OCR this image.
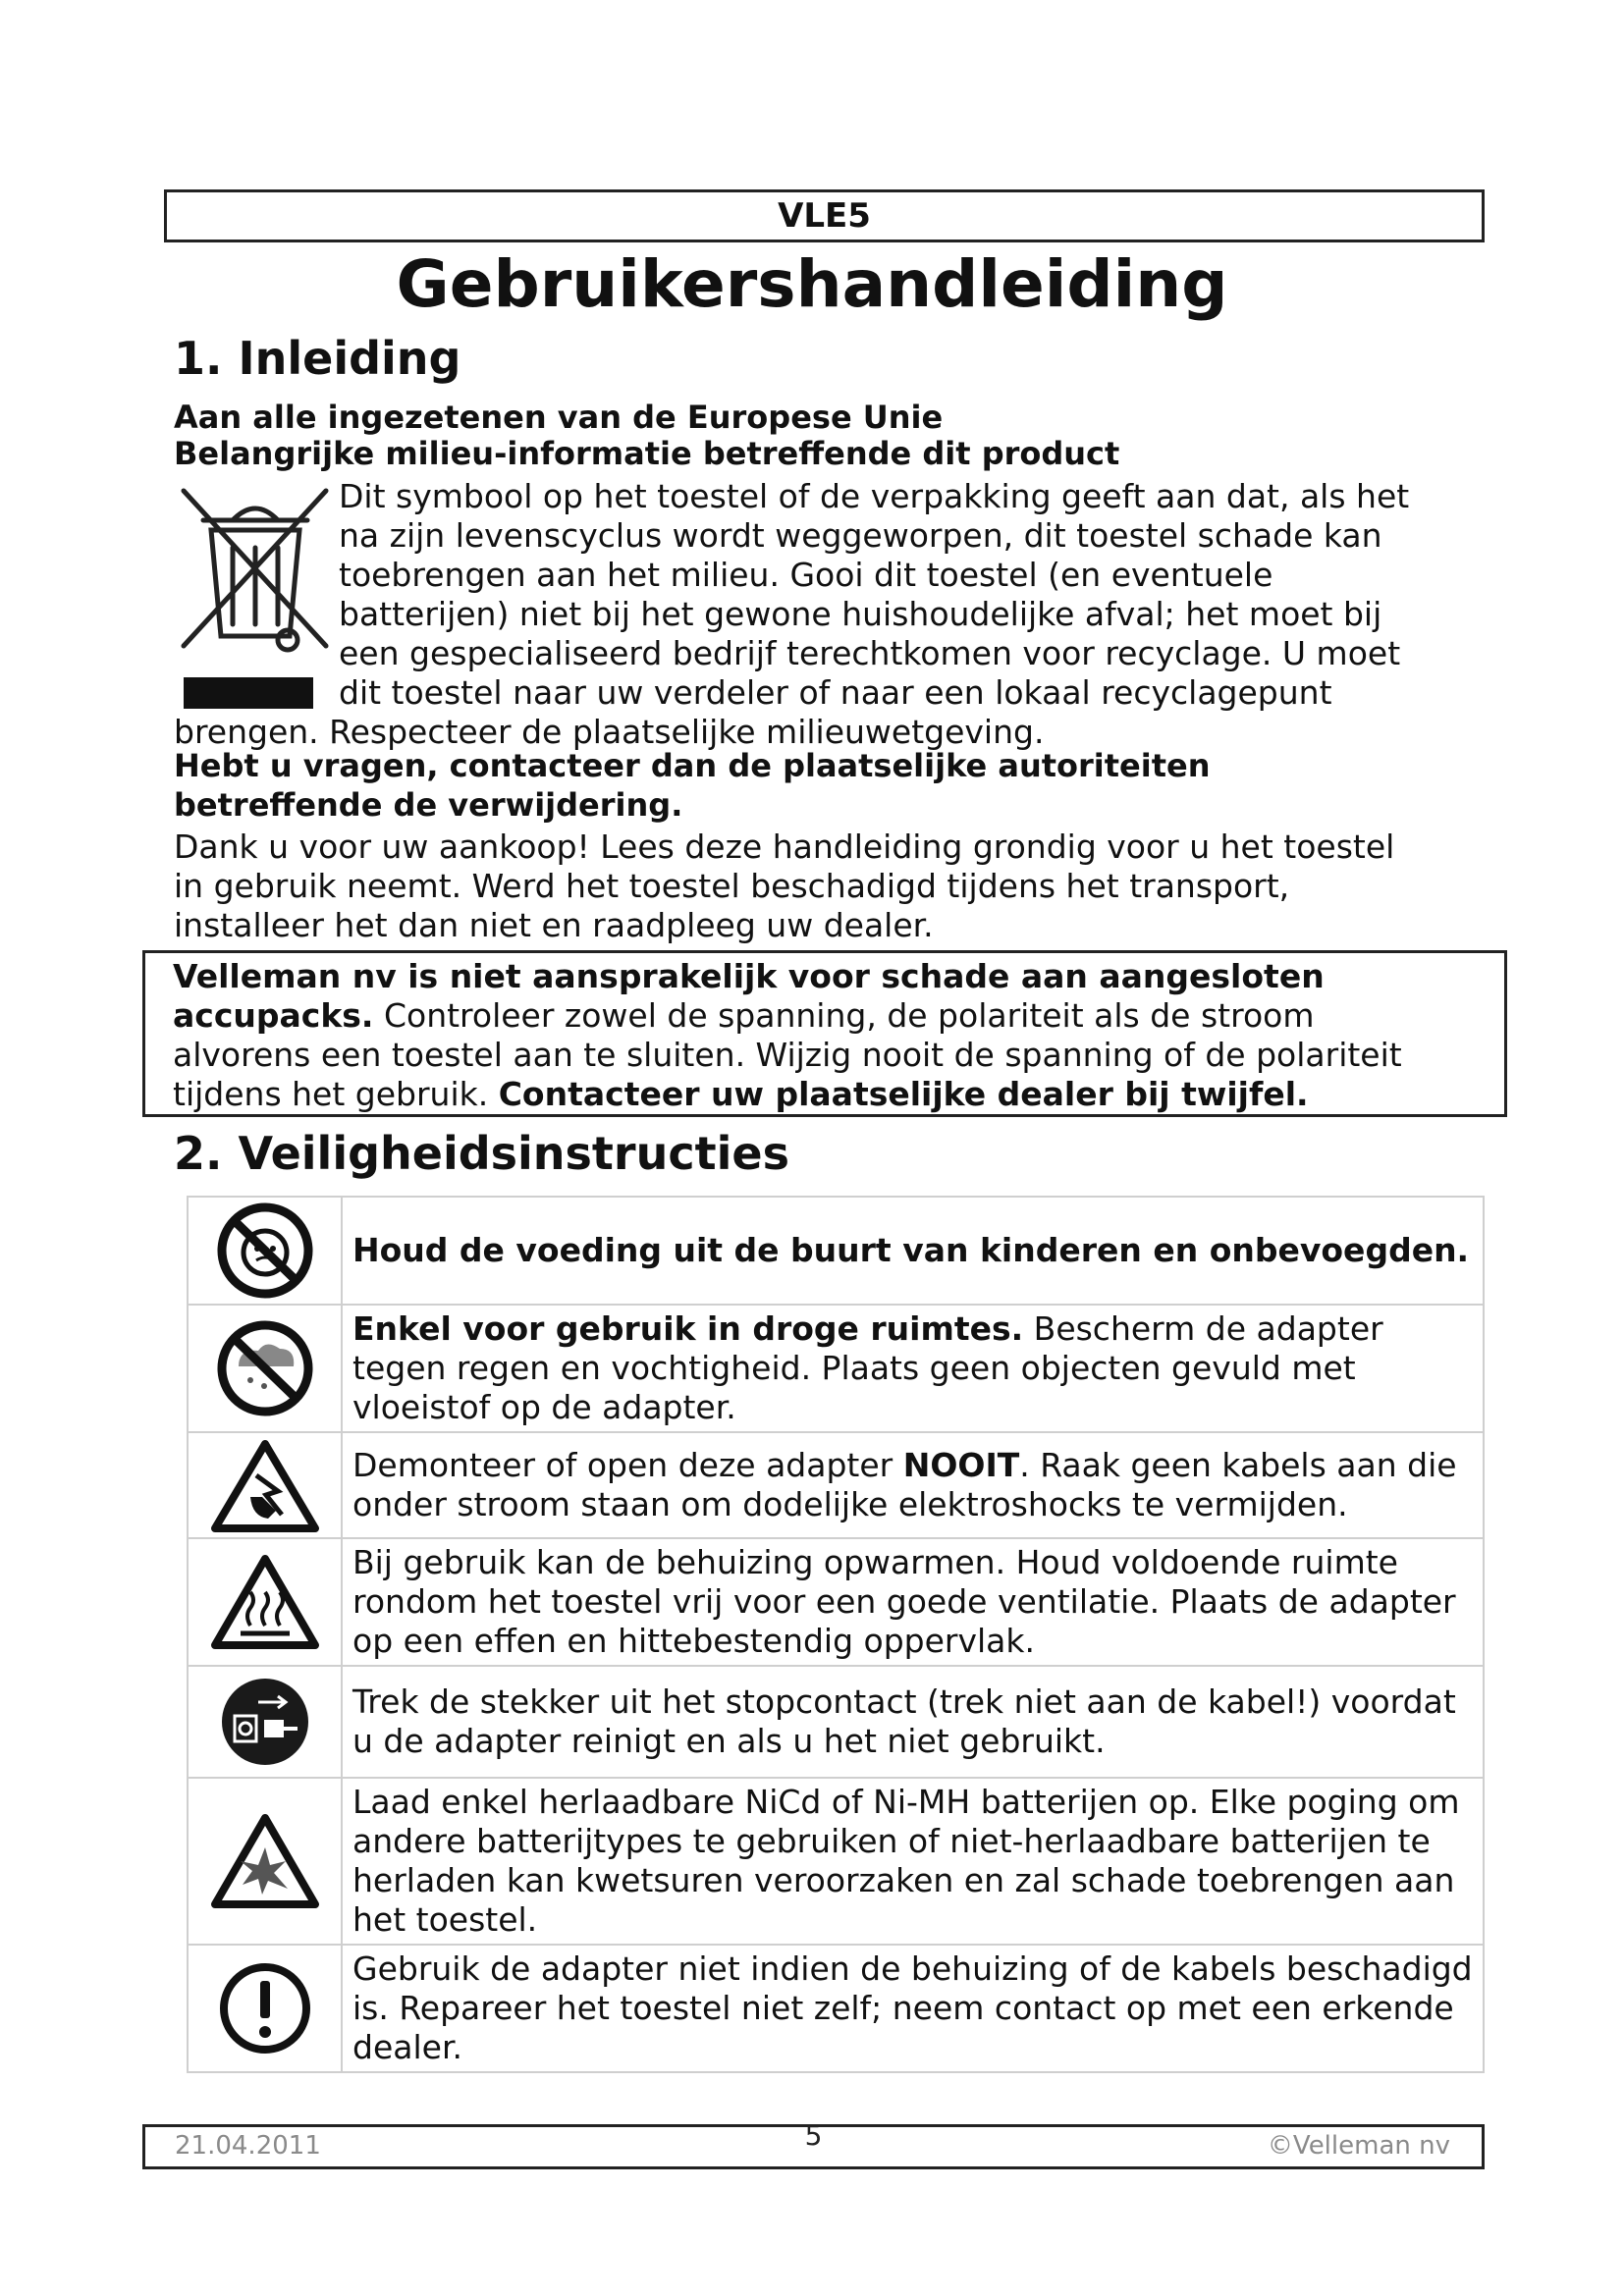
VLE5
Gebruikershandleiding
1. Inleiding
Aan alle ingezetenen van de Europese Unie
Belangrijke milieu-informatie betreffende dit product
Dit symbool op het toestel of de verpakking geeft aan dat, als het
na zijn levenscyclus wordt weggeworpen, dit toestel schade kan
toebrengen aan het milieu. Gooi dit toestel (en eventuele
batterijen) niet bij het gewone huishoudelijke afval; het moet bij
een gespecialiseerd bedrijf terechtkomen voor recyclage. U moet
dit toestel naar uw verdeler of naar een lokaal recyclagepunt
brengen. Respecteer de plaatselijke milieuwetgeving.
Hebt u vragen, contacteer dan de plaatselijke autoriteiten
betreffende de verwijdering.
Dank u voor uw aankoop! Lees deze handleiding grondig voor u het toestel
in gebruik neemt. Werd het toestel beschadigd tijdens het transport,
installeer het dan niet en raadpleeg uw dealer.
Velleman nv is niet aansprakelijk voor schade aan aangesloten
accupacks. Controleer zowel de spanning, de polariteit als de stroom
alvorens een toestel aan te sluiten. Wijzig nooit de spanning of de polariteit
tijdens het gebruik. Contacteer uw plaatselijke dealer bij twijfel.
2. Veiligheidsinstructies
	Houd de voeding uit de buurt van kinderen en onbevoegden.

	Enkel voor gebruik in droge ruimtes. Bescherm de adapter tegen regen en vochtigheid. Plaats geen objecten gevuld met vloeistof op de adapter.

	Demonteer of open deze adapter NOOIT. Raak geen kabels aan die onder stroom staan om dodelijke elektroshocks te vermijden.

	Bij gebruik kan de behuizing opwarmen. Houd voldoende ruimte rondom het toestel vrij voor een goede ventilatie. Plaats de adapter op een effen en hittebestendig oppervlak.

	Trek de stekker uit het stopcontact (trek niet aan de kabel!) voordat u de adapter reinigt en als u het niet gebruikt.

	Laad enkel herlaadbare NiCd of Ni-MH batterijen op. Elke poging om andere batterijtypes te gebruiken of niet-herlaadbare batterijen te herladen kan kwetsuren veroorzaken en zal schade toebrengen aan het toestel.

	Gebruik de adapter niet indien de behuizing of de kabels beschadigd is. Repareer het toestel niet zelf; neem contact op met een erkende dealer.
21.04.2011	5	©Velleman nv
